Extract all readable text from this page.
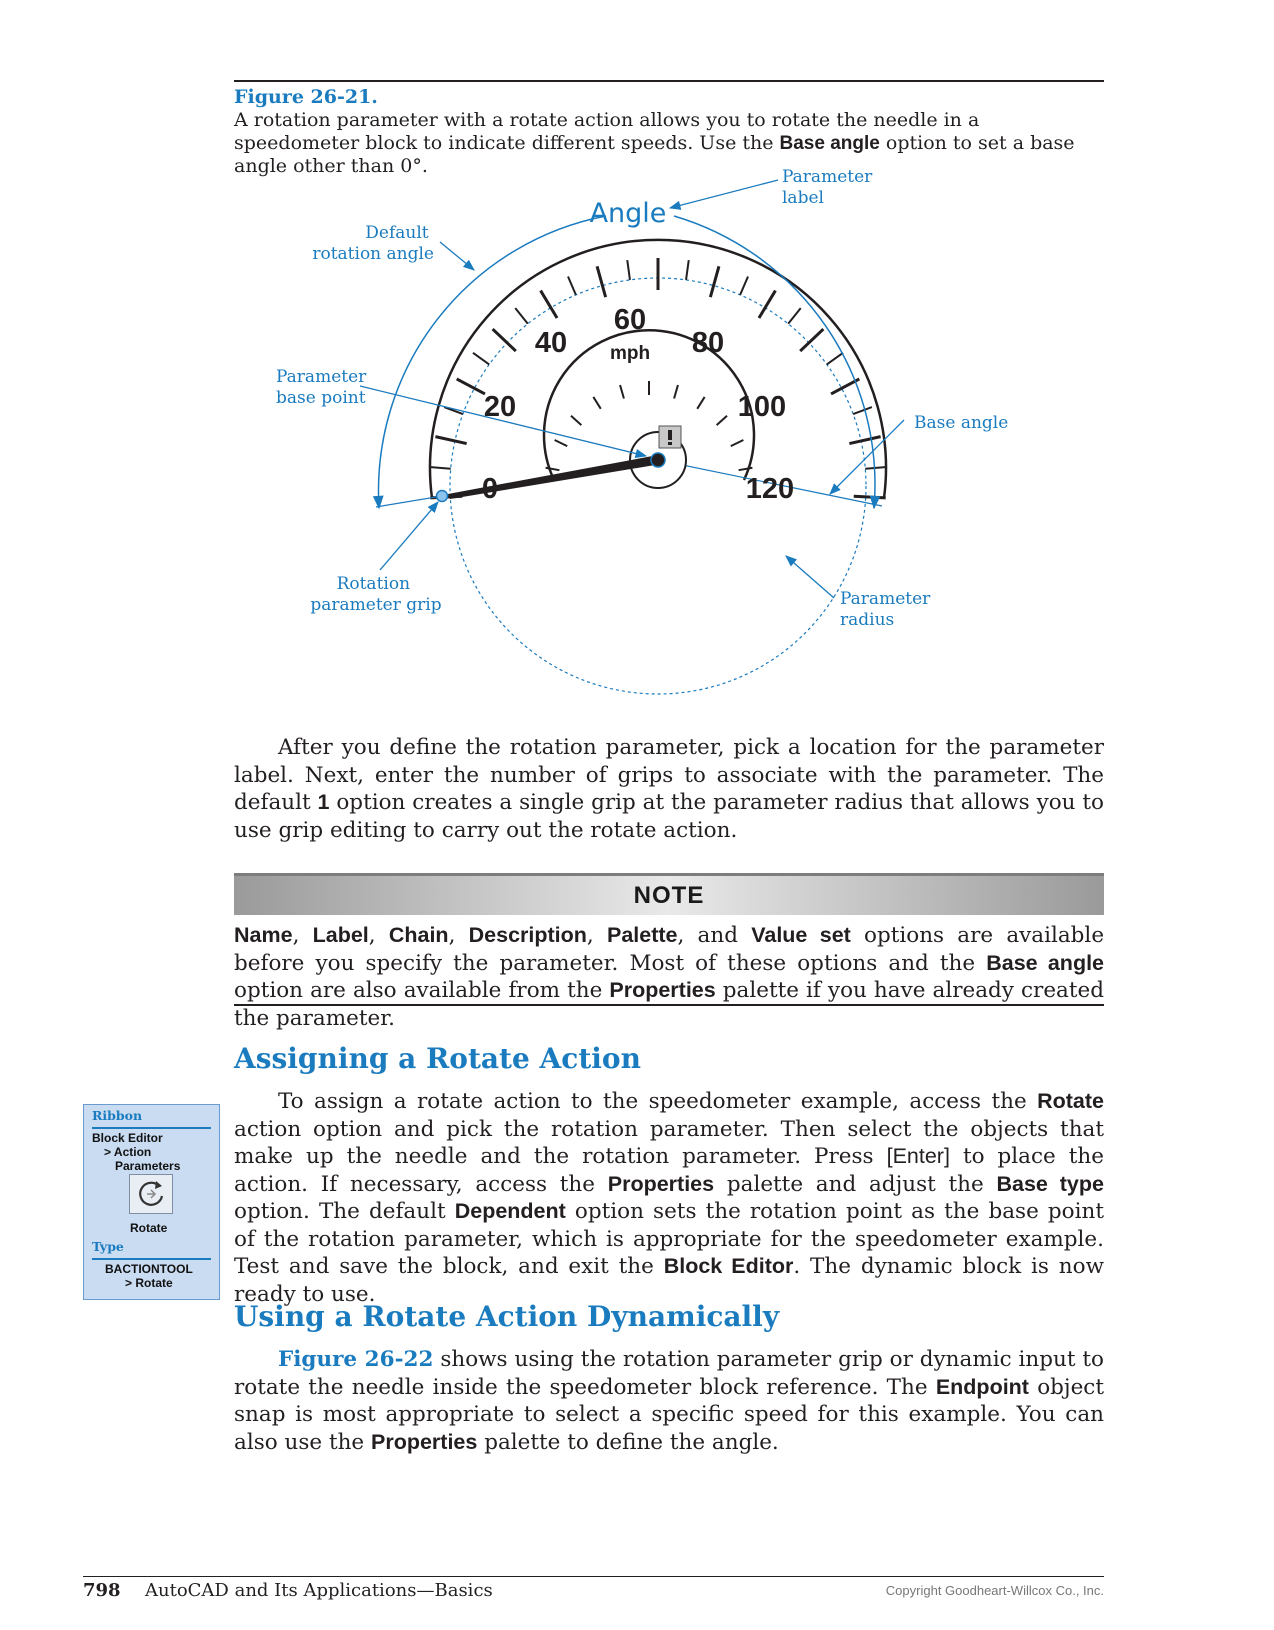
Figure 26-21.
A rotation parameter with a rotate action allows you to rotate the needle in a speedometer block to indicate different speeds. Use the Base angle option to set a base angle other than 0°.
Angle
20
40
60
80
100
120
mph
Parameter label
Default rotation angle
Parameter base point
Base angle
Rotation parameter grip	Parameter radius
After you define the rotation parameter, pick a location for the parameter label. Next, enter the number of grips to associate with the parameter. The default 1 option creates a single grip at the parameter radius that allows you to use grip editing to carry out the rotate action.
NOTE
Name, Label, Chain, Description, Palette, and Value set options are available before you specify the parameter. Most of these options and the Base angle option are also available from the Properties palette if you have already created the parameter.
Assigning a Rotate Action
To assign a rotate action to the speedometer example, access the Rotate action option and pick the rotation parameter. Then select the objects that make up the needle and the rotation parameter. Press [Enter] to place the action. If necessary, access the Properties palette and adjust the Base type option. The default Dependent option sets the rotation point as the base point of the rotation parameter, which is appropriate for the speedometer example. Test and save the block, and exit the Block Editor. The dynamic block is now ready to use.
Ribbon
Block Editor
> Action
Parameters
Rotate
Type
BACTIONTOOL
> Rotate
Using a Rotate Action Dynamically
Figure 26-22 shows using the rotation parameter grip or dynamic input to rotate the needle inside the speedometer block reference. The Endpoint object snap is most appropriate to select a specific speed for this example. You can also use the Properties palette to define the angle.
798 AutoCAD and Its Applications—Basics	Copyright Goodheart-Willcox Co., Inc.
